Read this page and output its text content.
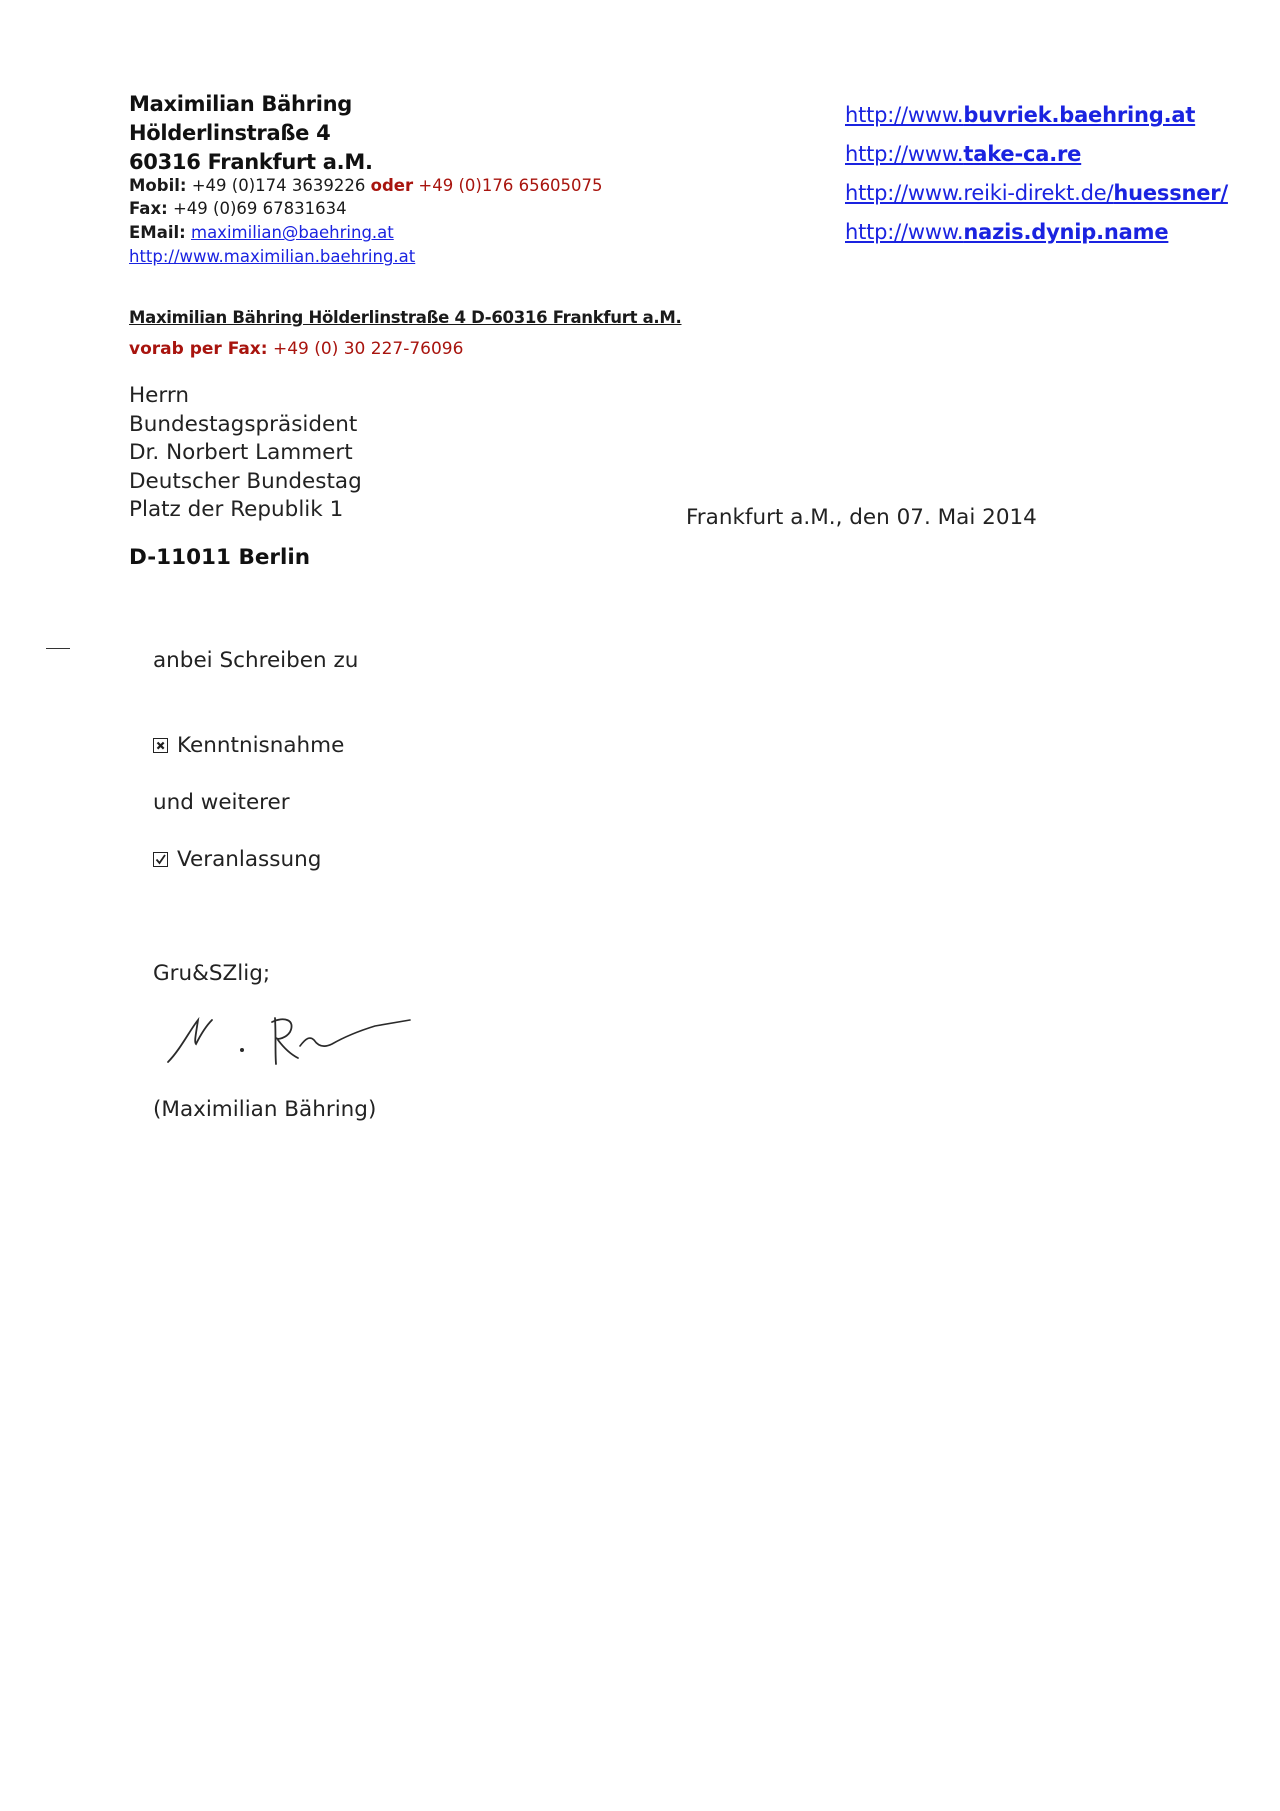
Maximilian Bähring
Hölderlinstraße 4
60316 Frankfurt a.M.
Mobil: +49 (0)174 3639226 oder +49 (0)176 65605075
Fax: +49 (0)69 67831634
EMail: maximilian@baehring.at
http://www.maximilian.baehring.at
http://www.buvriek.baehring.at
http://www.take-ca.re
http://www.reiki-direkt.de/huessner/
http://www.nazis.dynip.name
Maximilian Bähring Hölderlinstraße 4 D-60316 Frankfurt a.M.
vorab per Fax: +49 (0) 30 227-76096
Herrn
Bundestagspräsident
Dr. Norbert Lammert
Deutscher Bundestag
Platz der Republik 1
D-11011 Berlin
Frankfurt a.M., den 07. Mai 2014
anbei Schreiben zu
Kenntnisnahme
und weiterer
Veranlassung
Gru&SZlig;
(Maximilian Bähring)
